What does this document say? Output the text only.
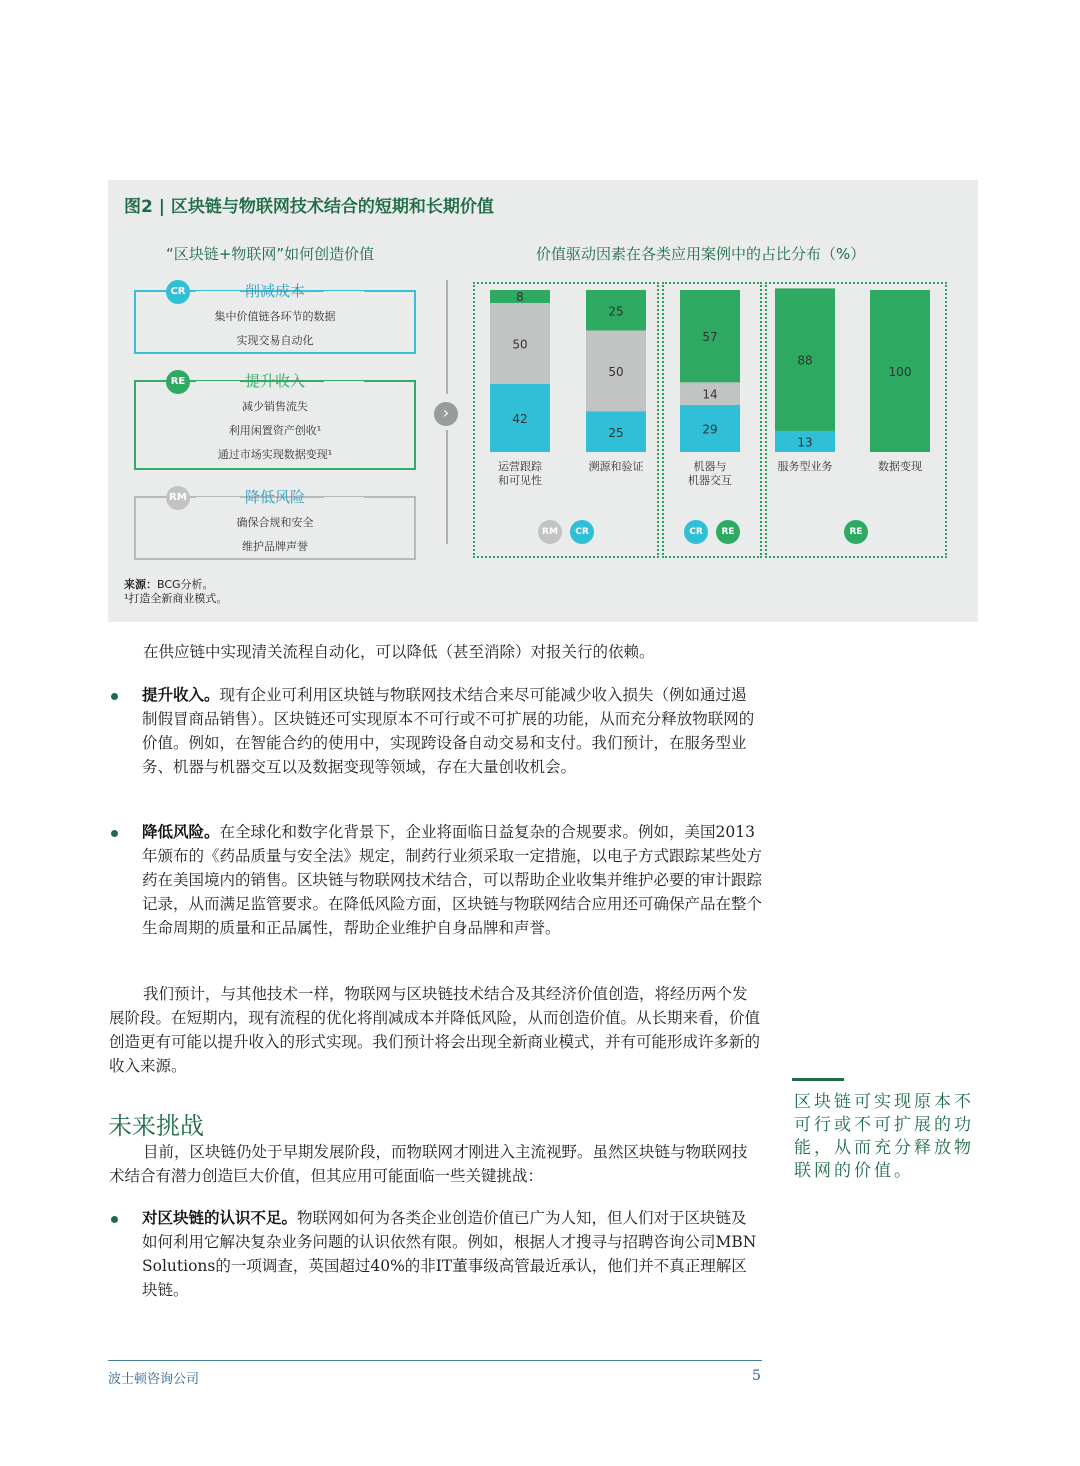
图2 | 区块链与物联网技术结合的短期和长期价值
“区块链+物联网”如何创造价值	价值驱动因素在各类应用案例中的占比分布（%）
CR	削减成本
集中价值链各环节的数据
实现交易自动化
RE	提升收入
减少销售流失
利用闲置资产创收¹
通过市场实现数据变现¹
RM	降低风险
确保合规和安全
维护品牌声誉
›	42
50
8
25
50
25
29
14
57
13
88
100
来源：BCG分析。
¹打造全新商业模式。
运营跟踪
和可见性
溯源和验证	机器与
机器交互
服务型业务	数据变现
RM	CR	CR	RE	RE
在供应链中实现清关流程自动化，可以降低（甚至消除）对报关行的依赖。
提升收入。现有企业可利用区块链与物联网技术结合来尽可能减少收入损失（例如通过遏制假冒商品销售）。区块链还可实现原本不可行或不可扩展的功能，从而充分释放物联网的价值。例如，在智能合约的使用中，实现跨设备自动交易和支付。我们预计，在服务型业务、机器与机器交互以及数据变现等领域，存在大量创收机会。
降低风险。在全球化和数字化背景下，企业将面临日益复杂的合规要求。例如，美国2013年颁布的《药品质量与安全法》规定，制药行业须采取一定措施，以电子方式跟踪某些处方药在美国境内的销售。区块链与物联网技术结合，可以帮助企业收集并维护必要的审计跟踪记录，从而满足监管要求。在降低风险方面，区块链与物联网结合应用还可确保产品在整个生命周期的质量和正品属性，帮助企业维护自身品牌和声誉。
我们预计，与其他技术一样，物联网与区块链技术结合及其经济价值创造，将经历两个发展阶段。在短期内，现有流程的优化将削减成本并降低风险，从而创造价值。从长期来看，价值创造更有可能以提升收入的形式实现。我们预计将会出现全新商业模式，并有可能形成许多新的收入来源。
未来挑战
目前，区块链仍处于早期发展阶段，而物联网才刚进入主流视野。虽然区块链与物联网技术结合有潜力创造巨大价值，但其应用可能面临一些关键挑战：
对区块链的认识不足。物联网如何为各类企业创造价值已广为人知，但人们对于区块链及如何利用它解决复杂业务问题的认识依然有限。例如，根据人才搜寻与招聘咨询公司MBN Solutions的一项调查，英国超过40%的非IT董事级高管最近承认，他们并不真正理解区块链。
区块链可实现原本不可行或不可扩展的功能，从而充分释放物联网的价值。
波士顿咨询公司	5
